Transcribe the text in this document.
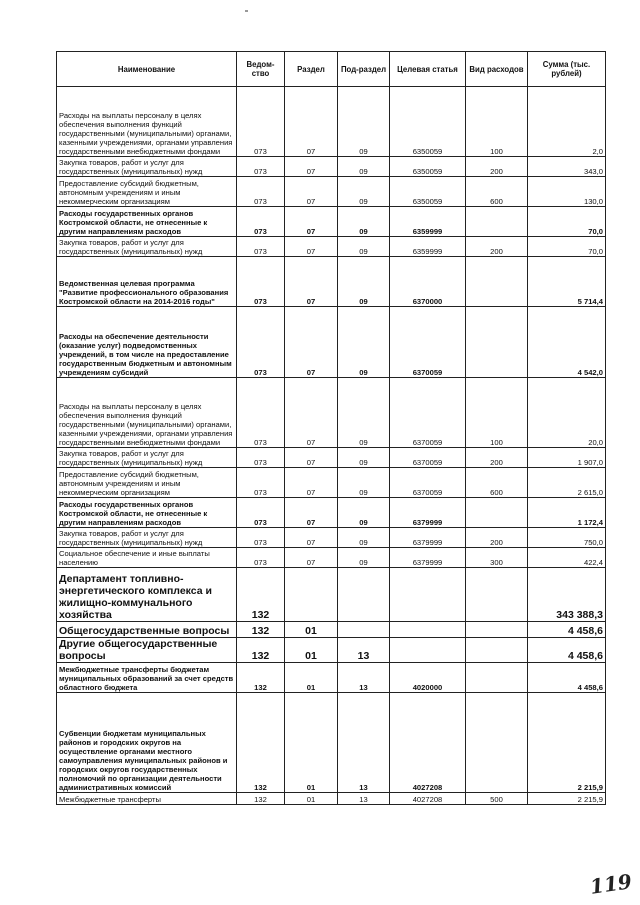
Наименование	Ведом-ство	Раздел	Под-раздел	Целевая статья	Вид расходов	Сумма (тыс. рублей)
Расходы на выплаты персоналу в целях обеспечения выполнения функций государственными (муниципальными) органами, казенными учреждениями, органами управления государственными внебюджетными фондами	073	07	09	6350059	100	2,0
Закупка товаров, работ и услуг для государственных (муниципальных) нужд	073	07	09	6350059	200	343,0
Предоставление субсидий бюджетным, автономным учреждениям и иным некоммерческим организациям	073	07	09	6350059	600	130,0
Расходы государственных органов Костромской области, не отнесенные к другим направлениям расходов	073	07	09	6359999		70,0
Закупка товаров, работ и услуг для государственных (муниципальных) нужд	073	07	09	6359999	200	70,0
Ведомственная целевая программа "Развитие профессионального образования Костромской области на 2014-2016 годы"	073	07	09	6370000		5 714,4
Расходы на обеспечение деятельности (оказание услуг) подведомственных учреждений, в том числе на предоставление государственным бюджетным и автономным учреждениям субсидий	073	07	09	6370059		4 542,0
Расходы на выплаты персоналу в целях обеспечения выполнения функций государственными (муниципальными) органами, казенными учреждениями, органами управления государственными внебюджетными фондами	073	07	09	6370059	100	20,0
Закупка товаров, работ и услуг для государственных (муниципальных) нужд	073	07	09	6370059	200	1 907,0
Предоставление субсидий бюджетным, автономным учреждениям и иным некоммерческим организациям	073	07	09	6370059	600	2 615,0
Расходы государственных органов Костромской области, не отнесенные к другим направлениям расходов	073	07	09	6379999		1 172,4
Закупка товаров, работ и услуг для государственных (муниципальных) нужд	073	07	09	6379999	200	750,0
Социальное обеспечение и иные выплаты населению	073	07	09	6379999	300	422,4
Департамент топливно-энергетического комплекса и жилищно-коммунального хозяйства	132					343 388,3
Общегосударственные вопросы	132	01				4 458,6
Другие общегосударственные вопросы	132	01	13			4 458,6
Межбюджетные трансферты бюджетам муниципальных образований за счет средств областного бюджета	132	01	13	4020000		4 458,6
Субвенции бюджетам муниципальных районов и городских округов на осуществление органами местного самоуправления муниципальных районов и городских округов государственных полномочий по организации деятельности административных комиссий	132	01	13	4027208		2 215,9
Межбюджетные трансферты	132	01	13	4027208	500	2 215,9
119
